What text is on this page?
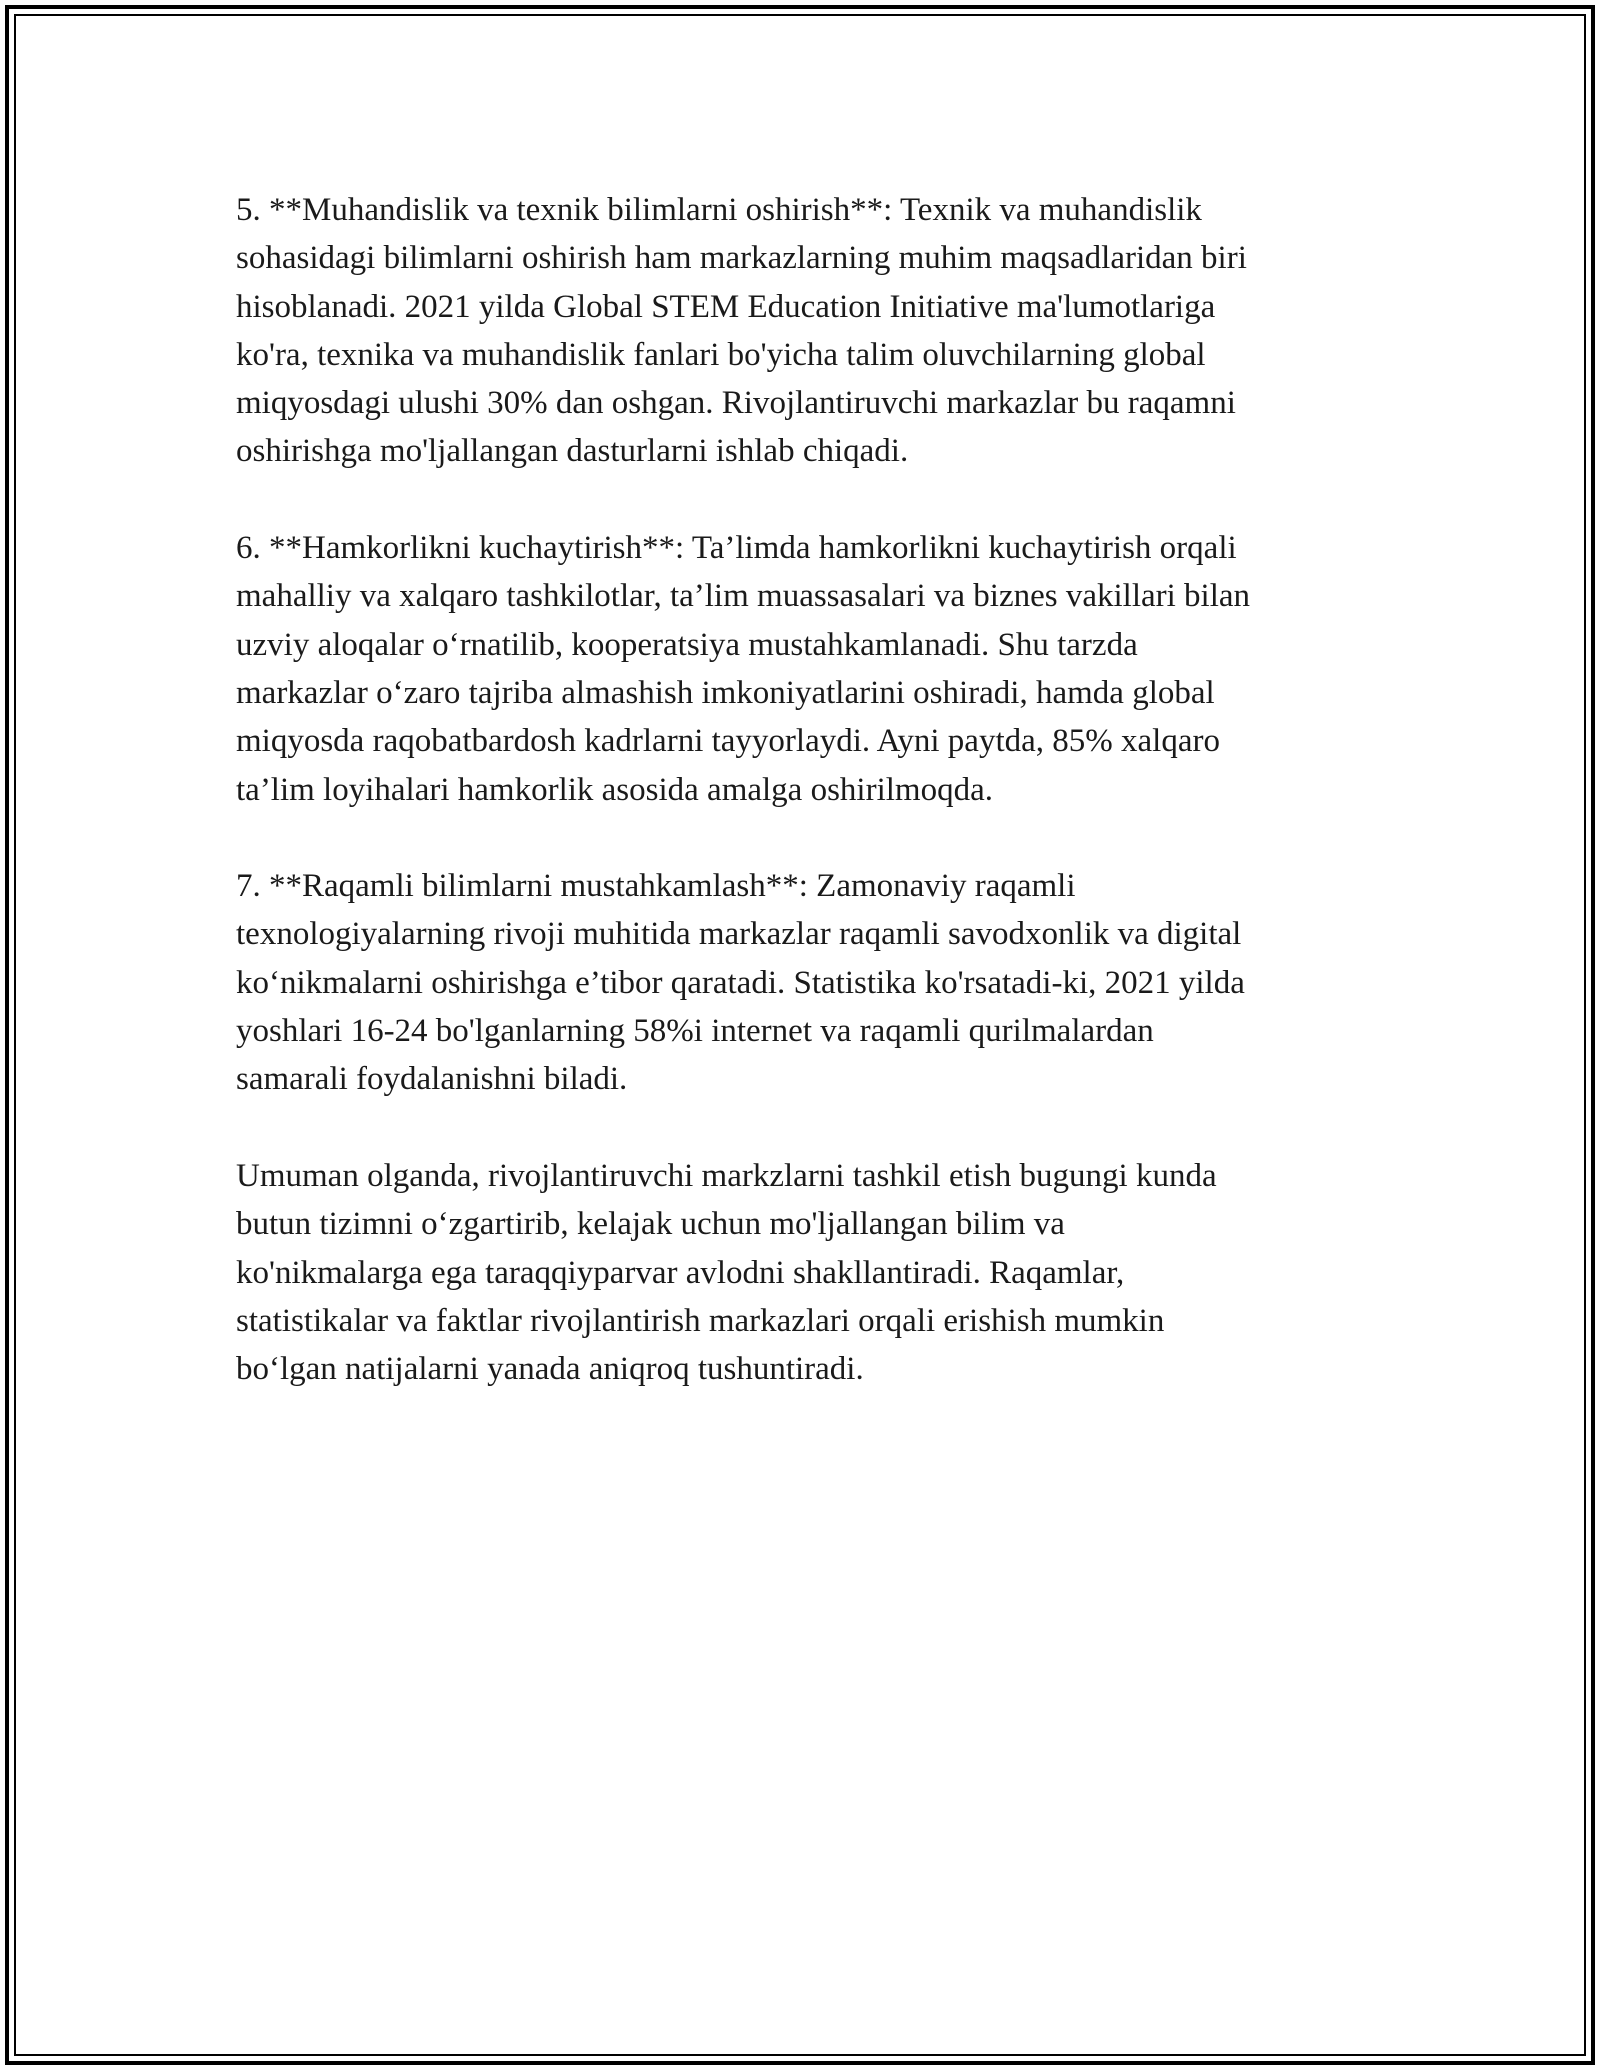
5. **Muhandislik va texnik bilimlarni oshirish**: Texnik va muhandislik
sohasidagi bilimlarni oshirish ham markazlarning muhim maqsadlaridan biri
hisoblanadi. 2021 yilda Global STEM Education Initiative ma'lumotlariga
ko'ra, texnika va muhandislik fanlari bo'yicha talim oluvchilarning global
miqyosdagi ulushi 30% dan oshgan. Rivojlantiruvchi markazlar bu raqamni
oshirishga mo'ljallangan dasturlarni ishlab chiqadi.
6. **Hamkorlikni kuchaytirish**: Ta’limda hamkorlikni kuchaytirish orqali
mahalliy va xalqaro tashkilotlar, ta’lim muassasalari va biznes vakillari bilan
uzviy aloqalar o‘rnatilib, kooperatsiya mustahkamlanadi. Shu tarzda
markazlar o‘zaro tajriba almashish imkoniyatlarini oshiradi, hamda global
miqyosda raqobatbardosh kadrlarni tayyorlaydi. Ayni paytda, 85% xalqaro
ta’lim loyihalari hamkorlik asosida amalga oshirilmoqda.
7. **Raqamli bilimlarni mustahkamlash**: Zamonaviy raqamli
texnologiyalarning rivoji muhitida markazlar raqamli savodxonlik va digital
ko‘nikmalarni oshirishga e’tibor qaratadi. Statistika ko'rsatadi-ki, 2021 yilda
yoshlari 16-24 bo'lganlarning 58%i internet va raqamli qurilmalardan
samarali foydalanishni biladi.
Umuman olganda, rivojlantiruvchi markzlarni tashkil etish bugungi kunda
butun tizimni o‘zgartirib, kelajak uchun mo'ljallangan bilim va
ko'nikmalarga ega taraqqiyparvar avlodni shakllantiradi. Raqamlar,
statistikalar va faktlar rivojlantirish markazlari orqali erishish mumkin
bo‘lgan natijalarni yanada aniqroq tushuntiradi.
